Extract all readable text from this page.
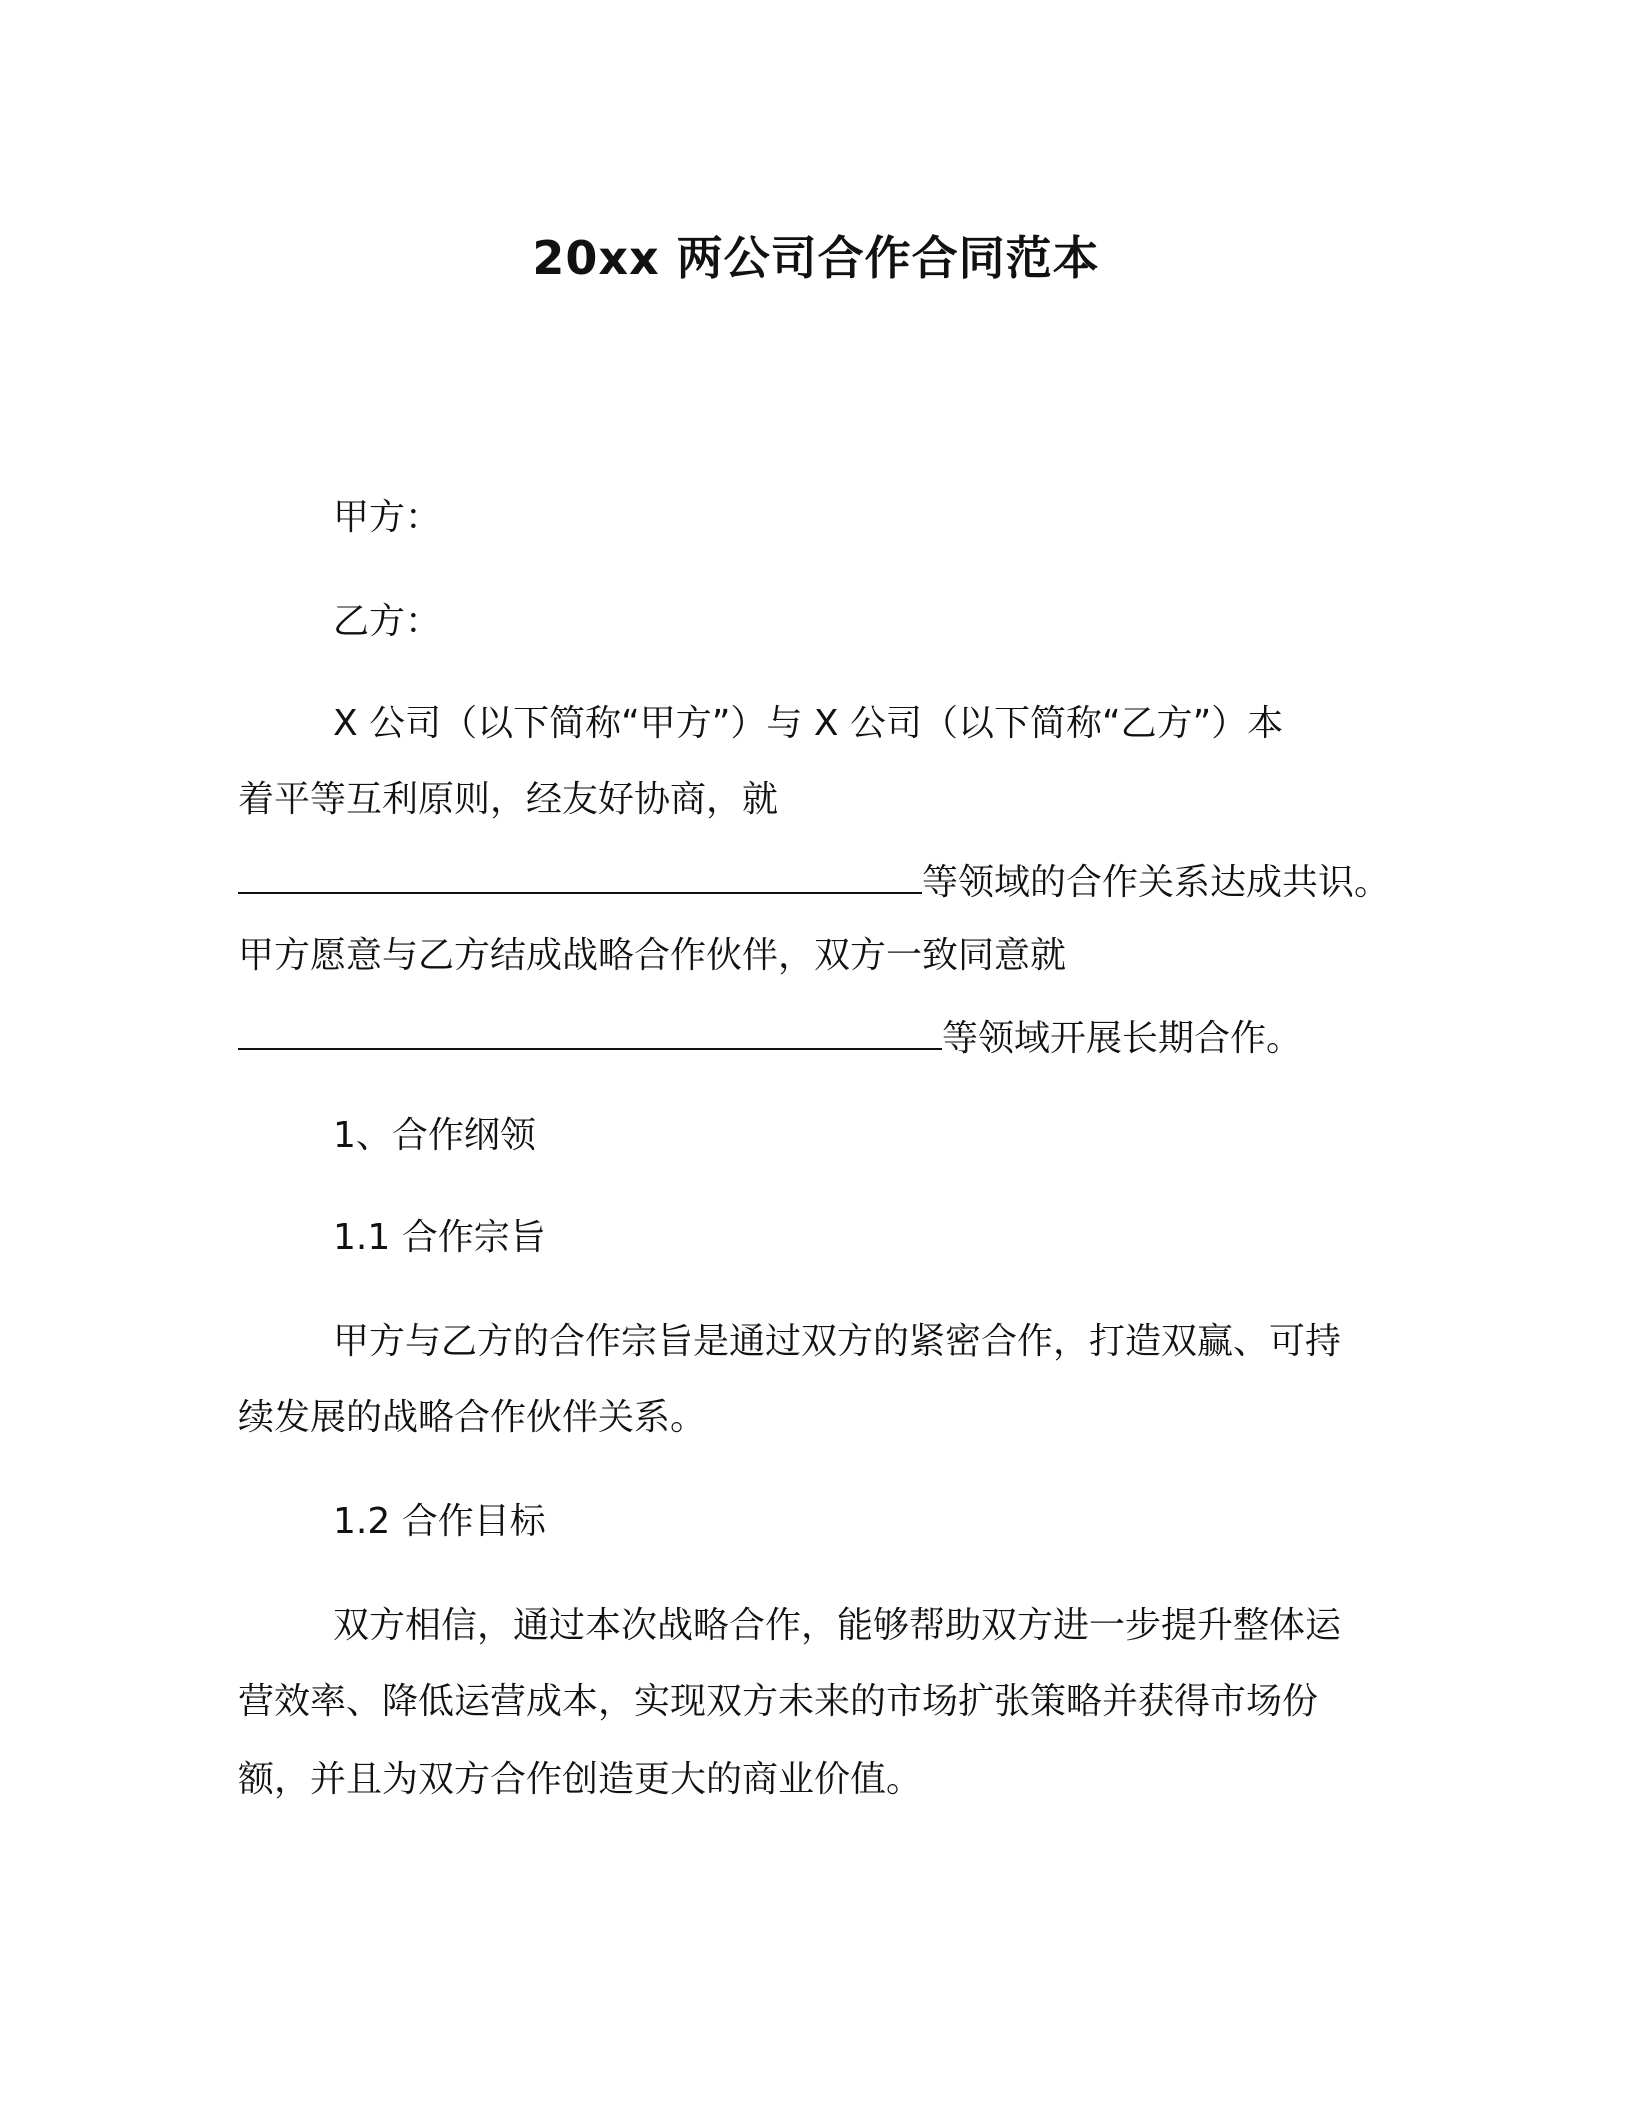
20xx 两公司合作合同范本
甲方：
乙方：
X 公司（以下简称“甲方”）与 X 公司（以下简称“乙方”）本
着平等互利原则，经友好协商，就
等领域的合作关系达成共识。
甲方愿意与乙方结成战略合作伙伴，双方一致同意就
等领域开展长期合作。
1、合作纲领
1.1 合作宗旨
甲方与乙方的合作宗旨是通过双方的紧密合作，打造双赢、可持
续发展的战略合作伙伴关系。
1.2 合作目标
双方相信，通过本次战略合作，能够帮助双方进一步提升整体运
营效率、降低运营成本，实现双方未来的市场扩张策略并获得市场份
额，并且为双方合作创造更大的商业价值。
